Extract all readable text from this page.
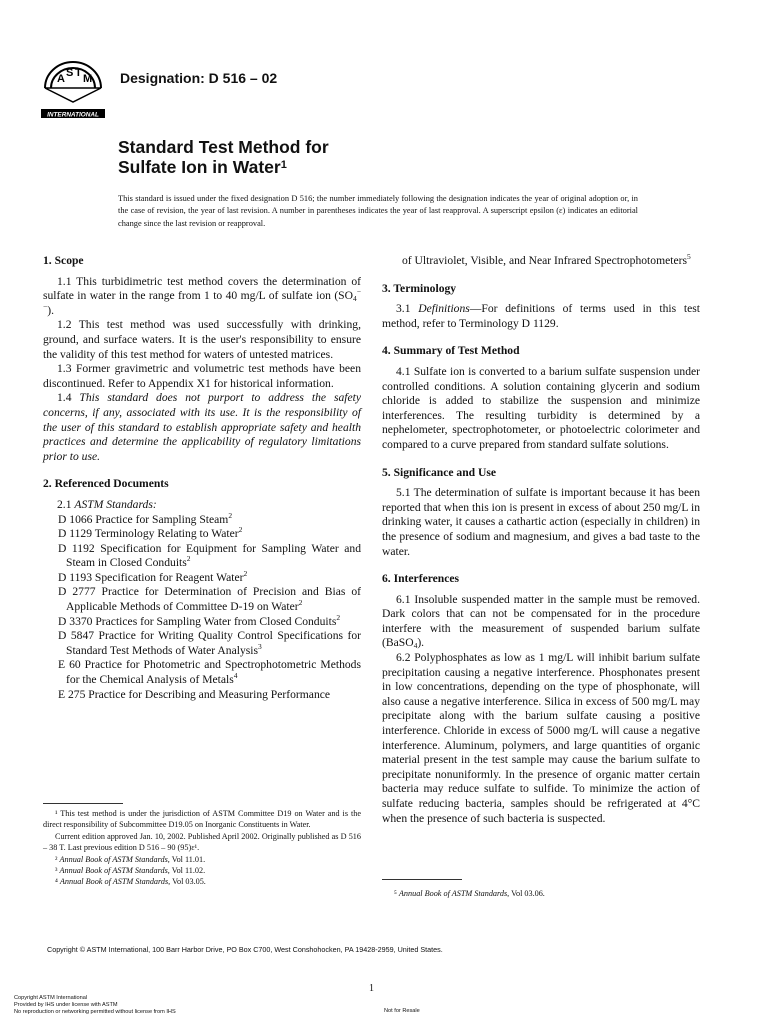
A S T M
INTERNATIONAL
Designation: D 516 – 02
Standard Test Method for
Sulfate Ion in Water$^1$
This standard is issued under the fixed designation D 516; the number immediately following the designation indicates the year of original adoption or, in the case of revision, the year of last revision. A number in parentheses indicates the year of last reapproval. A superscript epsilon (ε) indicates an editorial change since the last revision or reapproval.
1. Scope

1.1 This turbidimetric test method covers the determination of sulfate in water in the range from 1 to 40 mg/L of sulfate ion $(SO_4^{--})$.

1.2 This test method was used successfully with drinking, ground, and surface waters. It is the user's responsibility to ensure the validity of this test method for waters of untested matrices.

1.3 Former gravimetric and volumetric test methods have been discontinued. Refer to Appendix X1 for historical information.

1.4 This standard does not purport to address the safety concerns, if any, associated with its use. It is the responsibility of the user of this standard to establish appropriate safety and health practices and determine the applicability of regulatory limitations prior to use.

2. Referenced Documents

2.1 ASTM Standards:

D 1066 Practice for Sampling Steam$^2$

D 1129 Terminology Relating to Water$^2$

D 1192 Specification for Equipment for Sampling Water and Steam in Closed Conduits$^2$

D 1193 Specification for Reagent Water$^2$

D 2777 Practice for Determination of Precision and Bias of Applicable Methods of Committee D-19 on Water$^2$

D 3370 Practices for Sampling Water from Closed Conduits$^2$

D 5847 Practice for Writing Quality Control Specifications for Standard Test Methods of Water Analysis$^3$

E 60 Practice for Photometric and Spectrophotometric Methods for the Chemical Analysis of Metals$^4$

E 275 Practice for Describing and Measuring Performance

of Ultraviolet, Visible, and Near Infrared Spectrophotometers$^5$

3. Terminology

3.1 Definitions—For definitions of terms used in this test method, refer to Terminology D 1129.

4. Summary of Test Method

4.1 Sulfate ion is converted to a barium sulfate suspension under controlled conditions. A solution containing glycerin and sodium chloride is added to stabilize the suspension and minimize interferences. The resulting turbidity is determined by a nephelometer, spectrophotometer, or photoelectric colorimeter and compared to a curve prepared from standard sulfate solutions.

5. Significance and Use

5.1 The determination of sulfate is important because it has been reported that when this ion is present in excess of about 250 mg/L in drinking water, it causes a cathartic action (especially in children) in the presence of sodium and magnesium, and gives a bad taste to the water.

6. Interferences

6.1 Insoluble suspended matter in the sample must be removed. Dark colors that can not be compensated for in the procedure interfere with the measurement of suspended barium sulfate (BaSO$_4$).

6.2 Polyphosphates as low as 1 mg/L will inhibit barium sulfate precipitation causing a negative interference. Phosphonates present in low concentrations, depending on the type of phosphonate, will also cause a negative interference. Silica in excess of 500 mg/L may precipitate along with the barium sulfate causing a positive interference. Chloride in excess of 5000 mg/L will cause a negative interference. Aluminum, polymers, and large quantities of organic material present in the test sample may cause the barium sulfate to precipitate nonuniformly. In the presence of organic matter certain bacteria may reduce sulfate to sulfide. To minimize the action of sulfate reducing bacteria, samples should be refrigerated at 4°C when the presence of such bacteria is suspected.

¹ This test method is under the jurisdiction of ASTM Committee D19 on Water and is the direct responsibility of Subcommittee D19.05 on Inorganic Constituents in Water.

Current edition approved Jan. 10, 2002. Published April 2002. Originally published as D 516 – 38 T. Last previous edition D 516 – 90 (95)ε¹.

² Annual Book of ASTM Standards, Vol 11.01.

³ Annual Book of ASTM Standards, Vol 11.02.

⁴ Annual Book of ASTM Standards, Vol 03.05.

⁵ Annual Book of ASTM Standards, Vol 03.06.

Copyright © ASTM International, 100 Barr Harbor Drive, PO Box C700, West Conshohocken, PA 19428-2959, United States.
1
Copyright ASTM International
Provided by IHS under license with ASTM
No reproduction or networking permitted without license from IHS	Not for Resale
